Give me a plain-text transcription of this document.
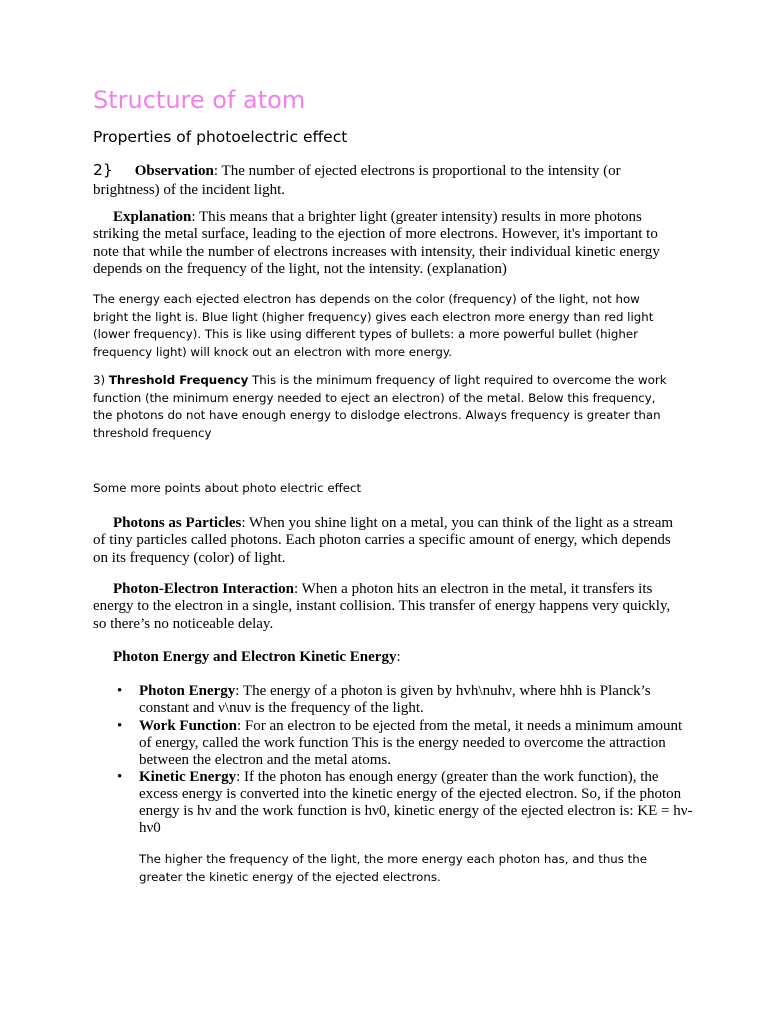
Structure of atom
Properties of photoelectric effect

2} Observation: The number of ejected electrons is proportional to the intensity (or brightness) of the incident light.

Explanation: This means that a brighter light (greater intensity) results in more photons striking the metal surface, leading to the ejection of more electrons. However, it's important to note that while the number of electrons increases with intensity, their individual kinetic energy depends on the frequency of the light, not the intensity. (explanation)

The energy each ejected electron has depends on the color (frequency) of the light, not how bright the light is. Blue light (higher frequency) gives each electron more energy than red light (lower frequency). This is like using different types of bullets: a more powerful bullet (higher frequency light) will knock out an electron with more energy.

3) Threshold Frequency This is the minimum frequency of light required to overcome the work function (the minimum energy needed to eject an electron) of the metal. Below this frequency, the photons do not have enough energy to dislodge electrons. Always frequency is greater than threshold frequency

Some more points about photo electric effect

Photons as Particles: When you shine light on a metal, you can think of the light as a stream of tiny particles called photons. Each photon carries a specific amount of energy, which depends on its frequency (color) of light.

Photon-Electron Interaction: When a photon hits an electron in the metal, it transfers its energy to the electron in a single, instant collision. This transfer of energy happens very quickly, so there’s no noticeable delay.

Photon Energy and Electron Kinetic Energy:

• Photon Energy: The energy of a photon is given by hvh\nuhν, where hhh is Planck’s constant and ν\nuν is the frequency of the light.
• Work Function: For an electron to be ejected from the metal, it needs a minimum amount of energy, called the work function This is the energy needed to overcome the attraction between the electron and the metal atoms.
• Kinetic Energy: If the photon has enough energy (greater than the work function), the excess energy is converted into the kinetic energy of the ejected electron. So, if the photon energy is hν and the work function is hν0, kinetic energy of the ejected electron is: KE = hν-hν0

The higher the frequency of the light, the more energy each photon has, and thus the greater the kinetic energy of the ejected electrons.
